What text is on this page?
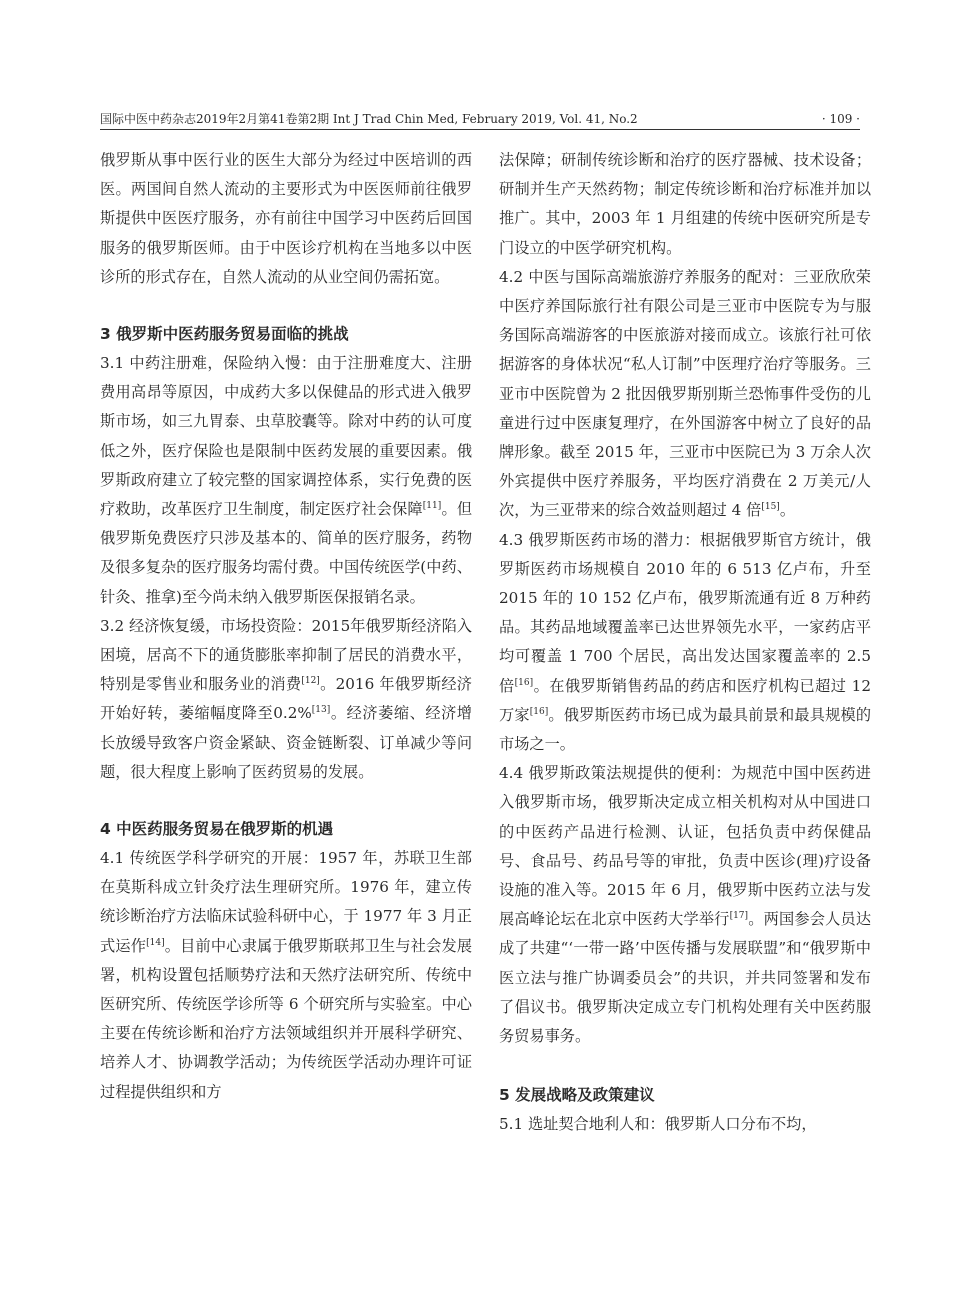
国际中医中药杂志2019年2月第41卷第2期 Int J Trad Chin Med, February 2019, Vol. 41, No.2	· 109 ·

俄罗斯从事中医行业的医生大部分为经过中医培训的西医。两国间自然人流动的主要形式为中医医师前往俄罗斯提供中医医疗服务，亦有前往中国学习中医药后回国服务的俄罗斯医师。由于中医诊疗机构在当地多以中医诊所的形式存在，自然人流动的从业空间仍需拓宽。

3 俄罗斯中医药服务贸易面临的挑战

3.1 中药注册难，保险纳入慢：由于注册难度大、注册费用高昂等原因，中成药大多以保健品的形式进入俄罗斯市场，如三九胃泰、虫草胶囊等。除对中药的认可度低之外，医疗保险也是限制中医药发展的重要因素。俄罗斯政府建立了较完整的国家调控体系，实行免费的医疗救助，改革医疗卫生制度，制定医疗社会保障[11]。但俄罗斯免费医疗只涉及基本的、简单的医疗服务，药物及很多复杂的医疗服务均需付费。中国传统医学(中药、针灸、推拿)至今尚未纳入俄罗斯医保报销名录。

3.2 经济恢复缓，市场投资险：2015年俄罗斯经济陷入困境，居高不下的通货膨胀率抑制了居民的消费水平，特别是零售业和服务业的消费[12]。2016 年俄罗斯经济开始好转，萎缩幅度降至0.2%[13]。经济萎缩、经济增长放缓导致客户资金紧缺、资金链断裂、订单减少等问题，很大程度上影响了医药贸易的发展。

4 中医药服务贸易在俄罗斯的机遇

4.1 传统医学科学研究的开展：1957 年，苏联卫生部在莫斯科成立针灸疗法生理研究所。1976 年，建立传统诊断治疗方法临床试验科研中心，于 1977 年 3 月正式运作[14]。目前中心隶属于俄罗斯联邦卫生与社会发展署，机构设置包括顺势疗法和天然疗法研究所、传统中医研究所、传统医学诊所等 6 个研究所与实验室。中心主要在传统诊断和治疗方法领域组织并开展科学研究、培养人才、协调教学活动；为传统医学活动办理许可证过程提供组织和方

法保障；研制传统诊断和治疗的医疗器械、技术设备；研制并生产天然药物；制定传统诊断和治疗标准并加以推广。其中，2003 年 1 月组建的传统中医研究所是专门设立的中医学研究机构。

4.2 中医与国际高端旅游疗养服务的配对：三亚欣欣荣中医疗养国际旅行社有限公司是三亚市中医院专为与服务国际高端游客的中医旅游对接而成立。该旅行社可依据游客的身体状况“私人订制”中医理疗治疗等服务。三亚市中医院曾为 2 批因俄罗斯别斯兰恐怖事件受伤的儿童进行过中医康复理疗，在外国游客中树立了良好的品牌形象。截至 2015 年，三亚市中医院已为 3 万余人次外宾提供中医疗养服务，平均医疗消费在 2 万美元/人次，为三亚带来的综合效益则超过 4 倍[15]。

4.3 俄罗斯医药市场的潜力：根据俄罗斯官方统计，俄罗斯医药市场规模自 2010 年的 6 513 亿卢布，升至 2015 年的 10 152 亿卢布，俄罗斯流通有近 8 万种药品。其药品地域覆盖率已达世界领先水平，一家药店平均可覆盖 1 700 个居民，高出发达国家覆盖率的 2.5 倍[16]。在俄罗斯销售药品的药店和医疗机构已超过 12 万家[16]。俄罗斯医药市场已成为最具前景和最具规模的市场之一。

4.4 俄罗斯政策法规提供的便利：为规范中国中医药进入俄罗斯市场，俄罗斯决定成立相关机构对从中国进口的中医药产品进行检测、认证，包括负责中药保健品号、食品号、药品号等的审批，负责中医诊(理)疗设备设施的准入等。2015 年 6 月，俄罗斯中医药立法与发展高峰论坛在北京中医药大学举行[17]。两国参会人员达成了共建“‘一带一路’中医传播与发展联盟”和“俄罗斯中医立法与推广协调委员会”的共识，并共同签署和发布了倡议书。俄罗斯决定成立专门机构处理有关中医药服务贸易事务。

5 发展战略及政策建议

5.1 选址契合地利人和：俄罗斯人口分布不均，
